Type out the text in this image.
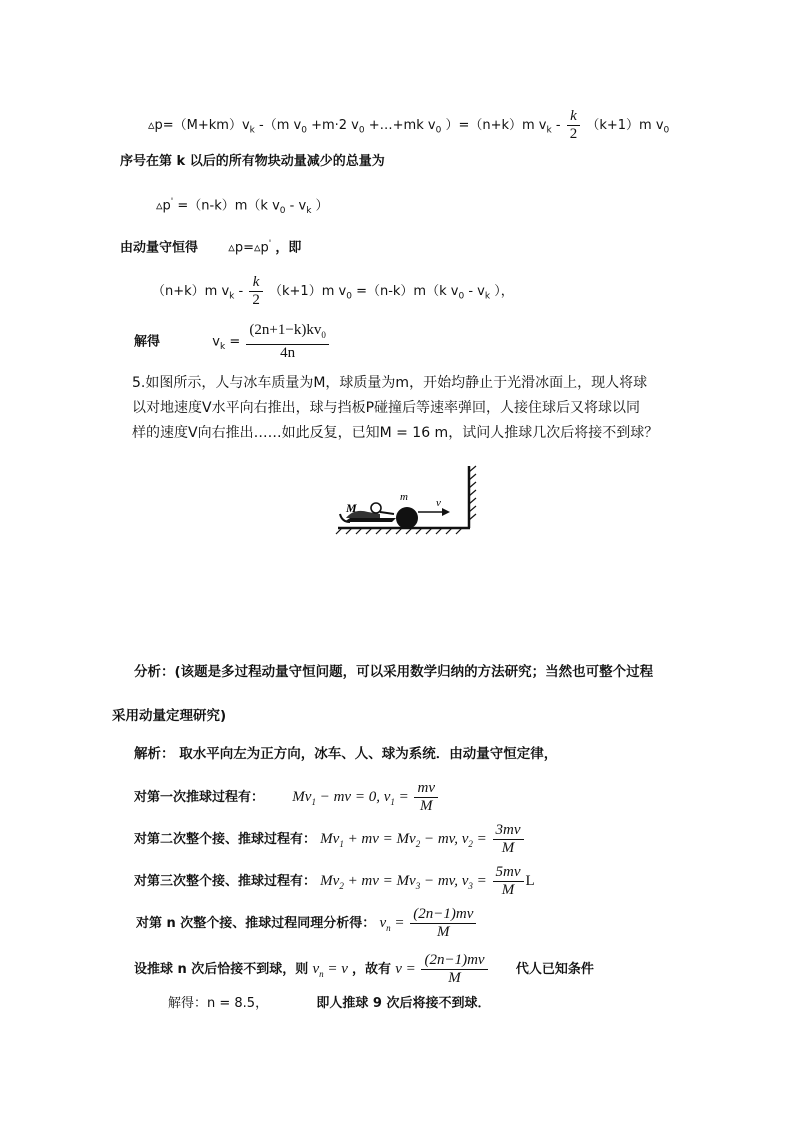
$▵p=(M+km)v_k$ -（m $v_0 +m\cdot 2$ $v_0$ +…+mk $v_0$ ）=（n+k）m $v_k - \frac{k}{2} (k+1)m$ $v_0$
序号在第 k 以后的所有物块动量减少的总量为
▵p' =（n-k）m（k $v_0 - v_k$ ）
由动量守恒得 ▵p=▵p' ，即
（n+k）m $v_k - \frac{k}{2} (k+1)m$ $v_0 =(n-k)m(k$ $v_0 - v_k$ ），
解得	$v_k = \frac{(2n+1-k)kv_0}{4n}$
5.如图所示，人与冰车质量为M，球质量为m，开始均静止于光滑冰面上，现人将球
以对地速度V水平向右推出，球与挡板P碰撞后等速率弹回，人接住球后又将球以同
样的速度V向右推出……如此反复，已知M = 16 m，试问人推球几次后将接不到球？
M
m	v
分析：(该题是多过程动量守恒问题，可以采用数学归纳的方法研究；当然也可整个过程
采用动量定理研究)
解析： 取水平向左为正方向，冰车、人、球为系统．由动量守恒定律，
对第一次推球过程有： $Mv_1$ − mv = 0, $v_1 = \frac{mv}{M}$
对第二次整个接、推球过程有： $Mv_1$ + mv = $Mv_2$ − mv, $v_2 = \frac{3mv}{M}$
对第三次整个接、推球过程有： $Mv_2$ + mv = $Mv_3$ − mv, $v_3 = \frac{5mv}{M}$ L
对第 n 次整个接、推球过程同理分析得： $v_n = \frac{(2n-1)mv}{M}$
设推球 n 次后恰接不到球，则 $v_n = v$ ，故有 $v = \frac{(2n-1)mv}{M}$ 代人已知条件
解得：n = 8.5，	即人推球 9 次后将接不到球．
